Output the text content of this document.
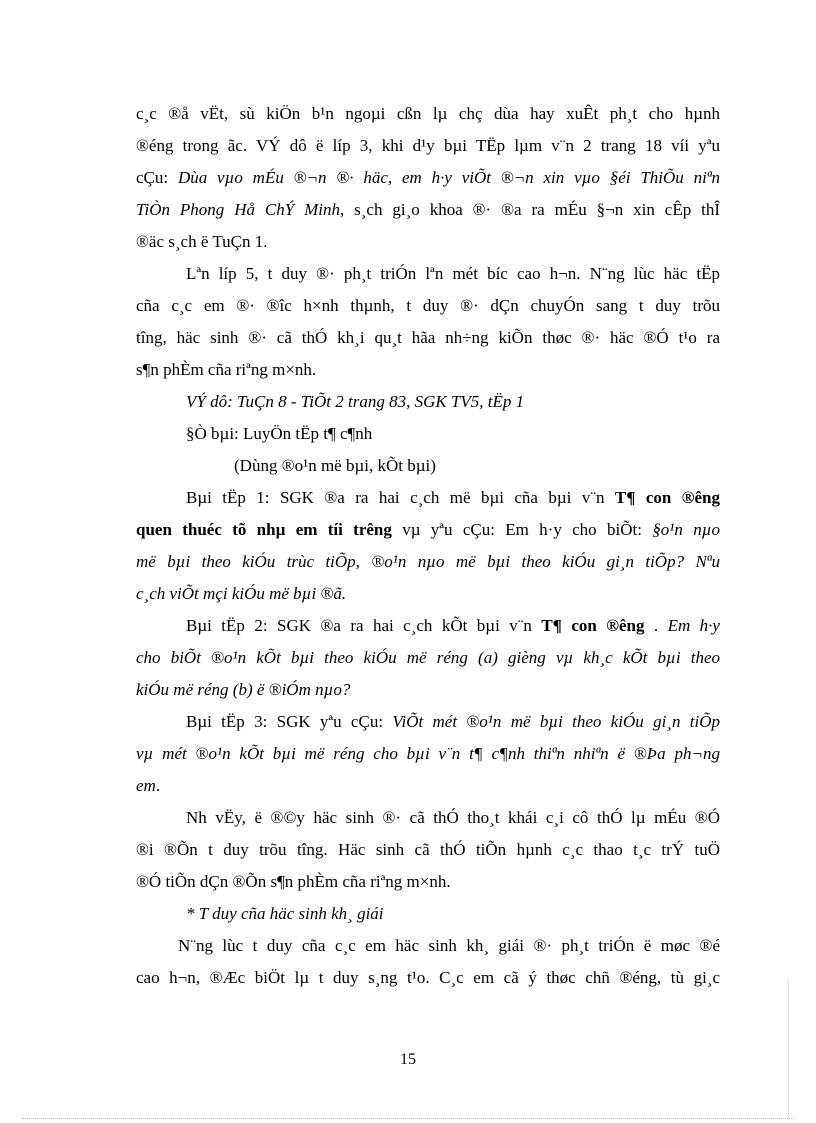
c¸c ®å vËt, sù kiÖn b¹n ngoµi cßn lµ chç dùa hay xuÊt ph¸t cho hµnh
®éng trong ãc. VÝ dô ë líp 3, khi d¹y bµi TËp lµm v¨n 2 trang 18 víi yªu
cÇu: Dùa vµo mÉu ®¬n ®· häc, em h·y viÕt ®¬n xin vµo §éi ThiÕu niªn
TiÒn Phong Hå ChÝ Minh, s¸ch gi¸o khoa ®· ®a ra mÉu §¬n xin cÊp thÎ
®äc s¸ch ë TuÇn 1.
Lªn líp 5, t duy ®· ph¸t triÓn lªn mét bíc cao h¬n. N¨ng lùc häc tËp
cña c¸c em ®· ®îc h×nh thµnh, t duy ®· dÇn chuyÓn sang t duy trõu
tîng, häc sinh ®· cã thÓ kh¸i qu¸t hãa nh÷ng kiÕn thøc ®· häc ®Ó t¹o ra
s¶n phÈm cña riªng m×nh.
VÝ dô: TuÇn 8 - TiÕt 2 trang 83, SGK TV5, tËp 1
§Ò bµi: LuyÖn tËp t¶ c¶nh
(Dùng ®o¹n më bµi, kÕt bµi)
Bµi tËp 1: SGK ®a ra hai c¸ch më bµi cña bµi v¨n T¶ con ®êng
quen thuéc tõ nhµ em tíi trêng vµ yªu cÇu: Em h·y cho biÕt: §o¹n nµo
më bµi theo kiÓu trùc tiÕp, ®o¹n nµo më bµi theo kiÓu gi¸n tiÕp? Nªu
c¸ch viÕt mçi kiÓu më bµi ®ã.
Bµi tËp 2: SGK ®a ra hai c¸ch kÕt bµi v¨n T¶ con ®êng . Em h·y
cho biÕt ®o¹n kÕt bµi theo kiÓu më réng (a) gièng vµ kh¸c kÕt bµi theo
kiÓu më réng (b) ë ®iÓm nµo?
Bµi tËp 3: SGK yªu cÇu: ViÕt mét ®o¹n më bµi theo kiÓu gi¸n tiÕp
vµ mét ®o¹n kÕt bµi më réng cho bµi v¨n t¶ c¶nh thiªn nhiªn ë ®Þa ph¬ng
em.
Nh vËy, ë ®©y häc sinh ®· cã thÓ tho¸t khái c¸i cô thÓ lµ mÉu ®Ó
®i ®Õn t duy trõu tîng. Häc sinh cã thÓ tiÕn hµnh c¸c thao t¸c trÝ tuÖ
®Ó tiÕn dÇn ®Õn s¶n phÈm cña riªng m×nh.
* T duy cña häc sinh kh¸ giái
N¨ng lùc t duy cña c¸c em häc sinh kh¸ giái ®· ph¸t triÓn ë møc ®é
cao h¬n, ®Æc biÖt lµ t duy s¸ng t¹o. C¸c em cã ý thøc chñ ®éng, tù gi¸c
15
